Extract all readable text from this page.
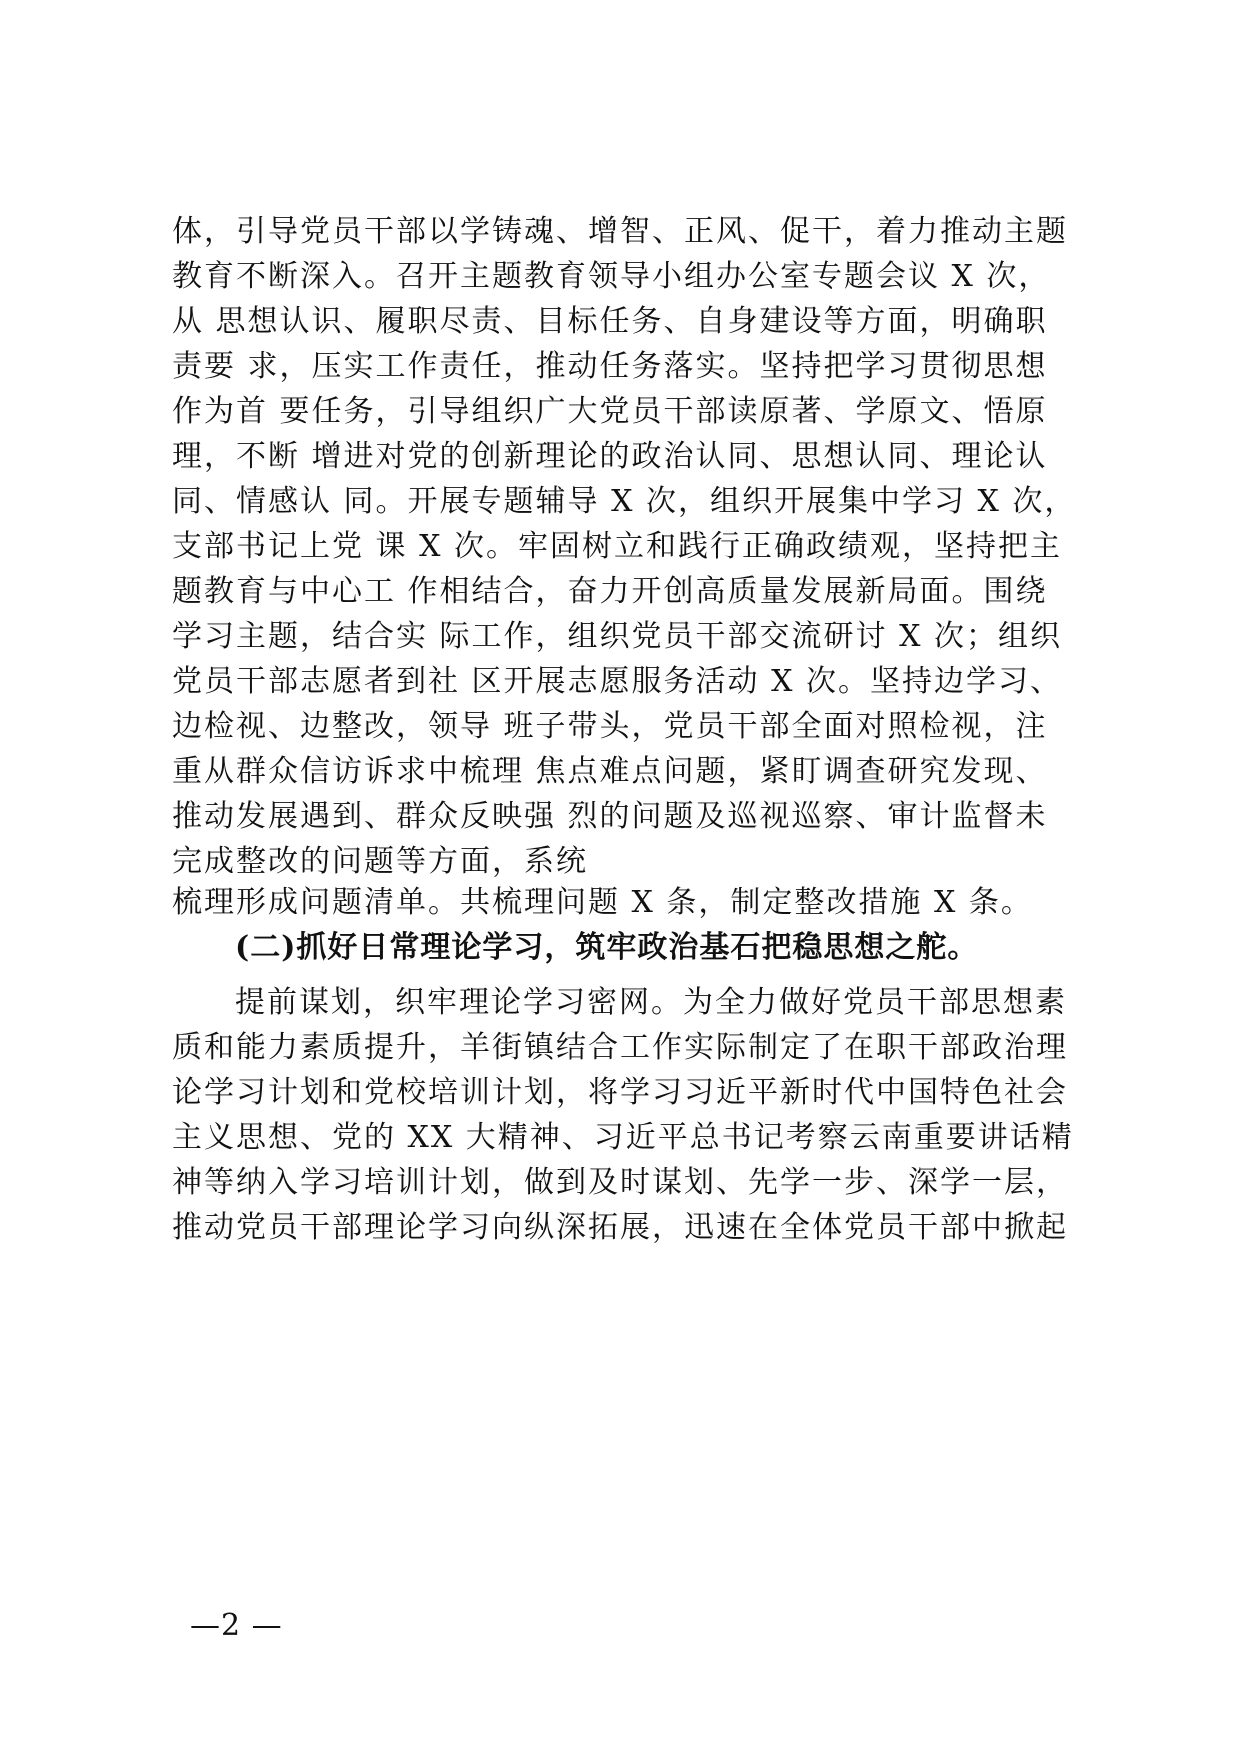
体，引导党员干部以学铸魂、增智、正风、促干，着力推动主题
教育不断深入。召开主题教育领导小组办公室专题会议 X 次，
从 思想认识、履职尽责、目标任务、自身建设等方面，明确职
责要 求，压实工作责任，推动任务落实。坚持把学习贯彻思想
作为首 要任务，引导组织广大党员干部读原著、学原文、悟原
理，不断 增进对党的创新理论的政治认同、思想认同、理论认
同、情感认 同。开展专题辅导 X 次，组织开展集中学习 X 次，
支部书记上党 课 X 次。牢固树立和践行正确政绩观，坚持把主
题教育与中心工 作相结合，奋力开创高质量发展新局面。围绕
学习主题，结合实 际工作，组织党员干部交流研讨 X 次；组织
党员干部志愿者到社 区开展志愿服务活动 X 次。坚持边学习、
边检视、边整改，领导 班子带头，党员干部全面对照检视，注
重从群众信访诉求中梳理 焦点难点问题，紧盯调查研究发现、
推动发展遇到、群众反映强 烈的问题及巡视巡察、审计监督未
完成整改的问题等方面，系统
梳理形成问题清单。共梳理问题 X 条，制定整改措施 X 条。
(二)抓好日常理论学习，筑牢政治基石把稳思想之舵。
提前谋划，织牢理论学习密网。为全力做好党员干部思想素
质和能力素质提升，羊街镇结合工作实际制定了在职干部政治理
论学习计划和党校培训计划，将学习习近平新时代中国特色社会
主义思想、党的 XX 大精神、习近平总书记考察云南重要讲话精
神等纳入学习培训计划，做到及时谋划、先学一步、深学一层，
推动党员干部理论学习向纵深拓展，迅速在全体党员干部中掀起
—2 —
